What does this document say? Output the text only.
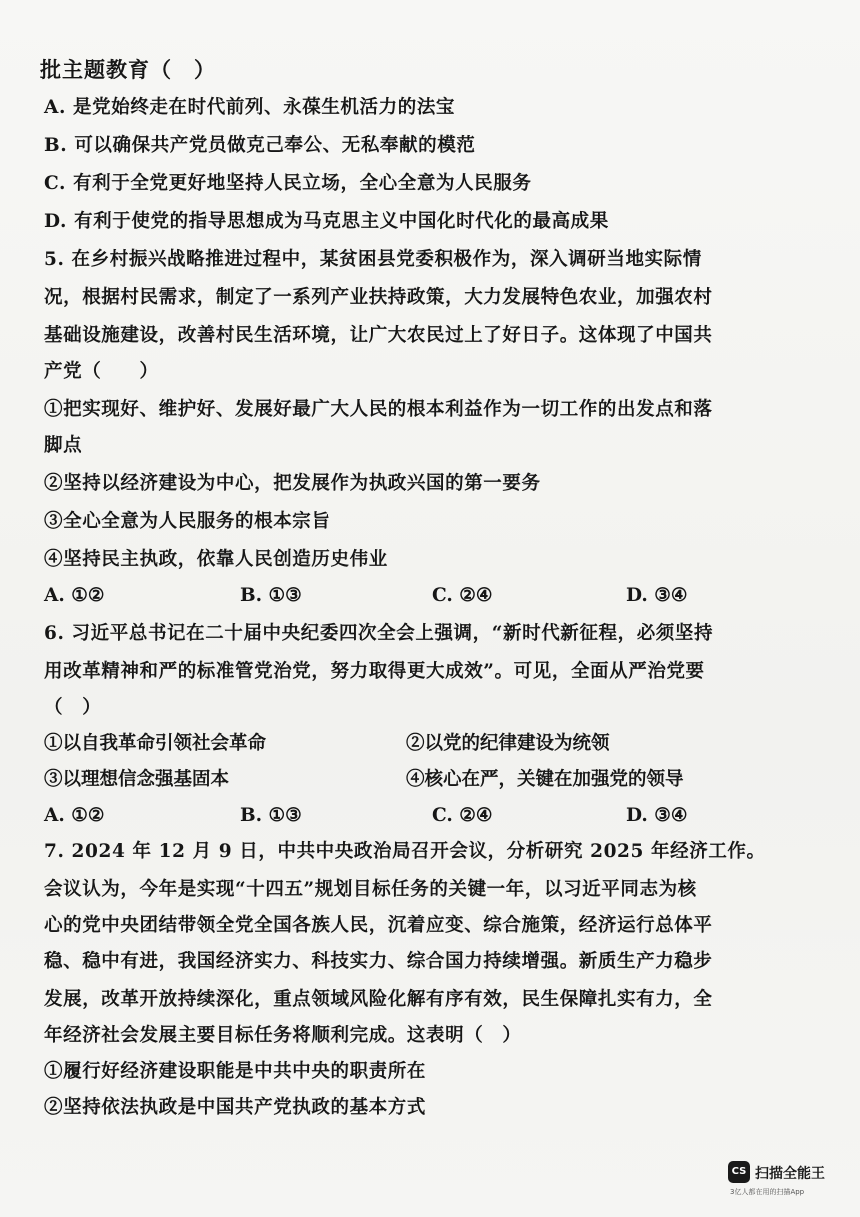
批主题教育（　）
A. 是党始终走在时代前列、永葆生机活力的法宝
B. 可以确保共产党员做克己奉公、无私奉献的模范
C. 有利于全党更好地坚持人民立场，全心全意为人民服务
D. 有利于使党的指导思想成为马克思主义中国化时代化的最高成果
5. 在乡村振兴战略推进过程中，某贫困县党委积极作为，深入调研当地实际情
况，根据村民需求，制定了一系列产业扶持政策，大力发展特色农业，加强农村
基础设施建设，改善村民生活环境，让广大农民过上了好日子。这体现了中国共
产党（　　）
①把实现好、维护好、发展好最广大人民的根本利益作为一切工作的出发点和落
脚点
②坚持以经济建设为中心，把发展作为执政兴国的第一要务
③全心全意为人民服务的根本宗旨
④坚持民主执政，依靠人民创造历史伟业
A. ①②	B. ①③	C. ②④	D. ③④
6. 习近平总书记在二十届中央纪委四次全会上强调，“新时代新征程，必须坚持
用改革精神和严的标准管党治党，努力取得更大成效”。可见，全面从严治党要
（　）
①以自我革命引领社会革命	②以党的纪律建设为统领
③以理想信念强基固本	④核心在严，关键在加强党的领导
A. ①②	B. ①③	C. ②④	D. ③④
7. 2024 年 12 月 9 日，中共中央政治局召开会议，分析研究 2025 年经济工作。
会议认为，今年是实现“十四五”规划目标任务的关键一年，以习近平同志为核
心的党中央团结带领全党全国各族人民，沉着应变、综合施策，经济运行总体平
稳、稳中有进，我国经济实力、科技实力、综合国力持续增强。新质生产力稳步
发展，改革开放持续深化，重点领域风险化解有序有效，民生保障扎实有力，全
年经济社会发展主要目标任务将顺利完成。这表明（　）
①履行好经济建设职能是中共中央的职责所在
②坚持依法执政是中国共产党执政的基本方式
CS 扫描全能王
3亿人都在用的扫描App
